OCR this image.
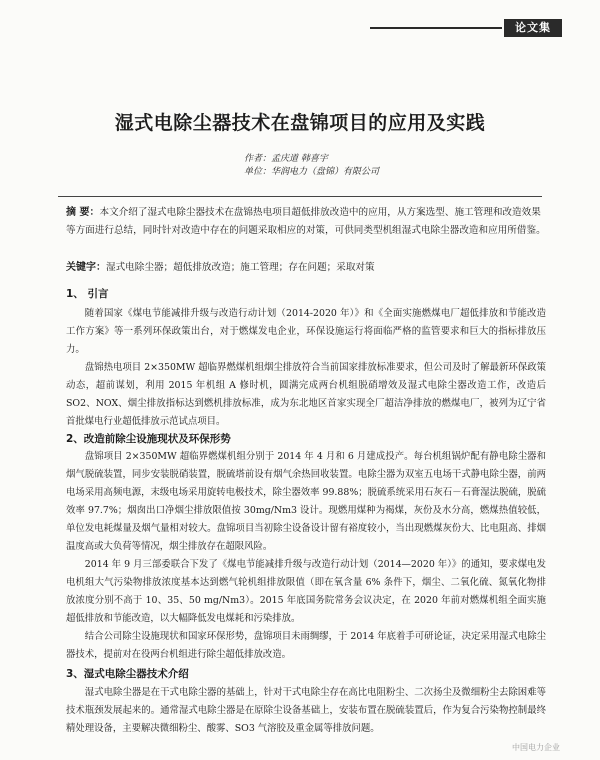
论文集
湿式电除尘器技术在盘锦项目的应用及实践
作者：孟庆道 韩喜宇
单位：华润电力（盘锦）有限公司
摘 要：本文介绍了湿式电除尘器技术在盘锦热电项目超低排放改造中的应用，从方案选型、施工管理和改造效果等方面进行总结，同时针对改造中存在的问题采取相应的对策，可供同类型机组湿式电除尘器改造和应用所借鉴。
关键字：湿式电除尘器；超低排放改造；施工管理；存在问题；采取对策
1、 引言
随着国家《煤电节能减排升级与改造行动计划（2014-2020 年）》和《全面实施燃煤电厂超低排放和节能改造工作方案》等一系列环保政策出台，对于燃煤发电企业，环保设施运行将面临严格的监管要求和巨大的指标排放压力。
盘锦热电项目 2×350MW 超临界燃煤机组烟尘排放符合当前国家排放标准要求，但公司及时了解最新环保政策动态，超前谋划，利用 2015 年机组 A 修时机，圆满完成两台机组脱硝增效及湿式电除尘器改造工作，改造后 SO2、NOX、烟尘排放指标达到燃机排放标准，成为东北地区首家实现全厂超洁净排放的燃煤电厂，被列为辽宁省首批煤电行业超低排放示范试点项目。
2、改造前除尘设施现状及环保形势
盘锦项目 2×350MW 超临界燃煤机组分别于 2014 年 4 月和 6 月建成投产。每台机组锅炉配有静电除尘器和烟气脱硫装置，同步安装脱硝装置，脱硫塔前设有烟气余热回收装置。电除尘器为双室五电场干式静电除尘器，前两电场采用高频电源，末级电场采用旋转电极技术，除尘器效率 99.88%；脱硫系统采用石灰石－石膏湿法脱硫，脱硫效率 97.7%；烟囱出口净烟尘排放限值按 30mg/Nm3 设计。现燃用煤种为褐煤，灰份及水分高，燃煤热值较低，单位发电耗煤量及烟气量相对较大。盘锦项目当初除尘设备设计留有裕度较小，当出现燃煤灰份大、比电阻高、排烟温度高或大负荷等情况，烟尘排放存在超限风险。
2014 年 9 月三部委联合下发了《煤电节能减排升级与改造行动计划（2014—2020 年）》的通知，要求煤电发电机组大气污染物排放浓度基本达到燃气轮机组排放限值（即在氧含量 6% 条件下，烟尘、二氧化硫、氮氧化物排放浓度分别不高于 10、35、50 mg/Nm3）。2015 年底国务院常务会议决定，在 2020 年前对燃煤机组全面实施超低排放和节能改造，以大幅降低发电煤耗和污染排放。
结合公司除尘设施现状和国家环保形势，盘锦项目未雨绸缪，于 2014 年底着手可研论证，决定采用湿式电除尘器技术，提前对在役两台机组进行除尘超低排放改造。
3、湿式电除尘器技术介绍
湿式电除尘器是在干式电除尘器的基础上，针对干式电除尘存在高比电阻粉尘、二次扬尘及微细粉尘去除困难等技术瓶颈发展起来的。通常湿式电除尘器是在原除尘设备基础上，安装布置在脱硫装置后，作为复合污染物控制最终精处理设备，主要解决微细粉尘、酸雾、SO3 气溶胶及重金属等排放问题。
中国电力企业
